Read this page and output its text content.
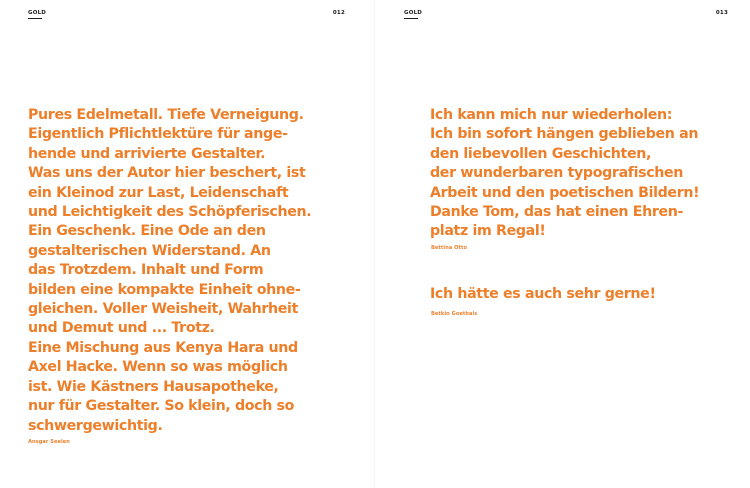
GOLD	012

Pures Edelmetall. Tiefe Verneigung.
Eigentlich Pflichtlektüre für ange-
hende und arrivierte Gestalter.
Was uns der Autor hier beschert, ist
ein Kleinod zur Last, Leidenschaft
und Leichtigkeit des Schöpferischen.
Ein Geschenk. Eine Ode an den
gestalterischen Widerstand. An
das Trotzdem. Inhalt und Form
bilden eine kompakte Einheit ohne-
gleichen. Voller Weisheit, Wahrheit
und Demut und ... Trotz.
Eine Mischung aus Kenya Hara und
Axel Hacke. Wenn so was möglich
ist. Wie Kästners Hausapotheke,
nur für Gestalter. So klein, doch so
schwergewichtig.

Ansgar Seelen
GOLD	013

Ich kann mich nur wiederholen:
Ich bin sofort hängen geblieben an
den liebevollen Geschichten,
der wunderbaren typografischen
Arbeit und den poetischen Bildern!
Danke Tom, das hat einen Ehren-
platz im Regal!

Bettina Otto

Ich hätte es auch sehr gerne!

Betkin Goethals
